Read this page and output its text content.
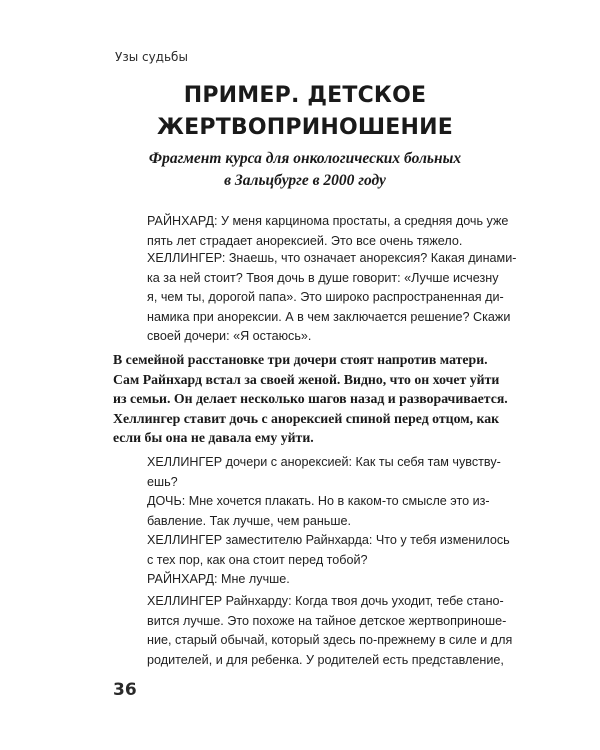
Узы судьбы
ПРИМЕР. ДЕТСКОЕ
ЖЕРТВОПРИНОШЕНИЕ
Фрагмент курса для онкологических больных
в Зальцбурге в 2000 году
РАЙНХАРД: У меня карцинома простаты, а средняя дочь уже
пять лет страдает анорексией. Это все очень тяжело.
ХЕЛЛИНГЕР: Знаешь, что означает анорексия? Какая динами-
ка за ней стоит? Твоя дочь в душе говорит: «Лучше исчезну
я, чем ты, дорогой папа». Это широко распространенная ди-
намика при анорексии. А в чем заключается решение? Скажи
своей дочери: «Я остаюсь».
В семейной расстановке три дочери стоят напротив матери.
Сам Райнхард встал за своей женой. Видно, что он хочет уйти
из семьи. Он делает несколько шагов назад и разворачивается.
Хеллингер ставит дочь с анорексией спиной перед отцом, как
если бы она не давала ему уйти.
ХЕЛЛИНГЕР дочери с анорексией: Как ты себя там чувству-
ешь?
ДОЧЬ: Мне хочется плакать. Но в каком-то смысле это из-
бавление. Так лучше, чем раньше.
ХЕЛЛИНГЕР заместителю Райнхарда: Что у тебя изменилось
с тех пор, как она стоит перед тобой?
РАЙНХАРД: Мне лучше.
ХЕЛЛИНГЕР Райнхарду: Когда твоя дочь уходит, тебе стано-
вится лучше. Это похоже на тайное детское жертвоприноше-
ние, старый обычай, который здесь по-прежнему в силе и для
родителей, и для ребенка. У родителей есть представление,
36
